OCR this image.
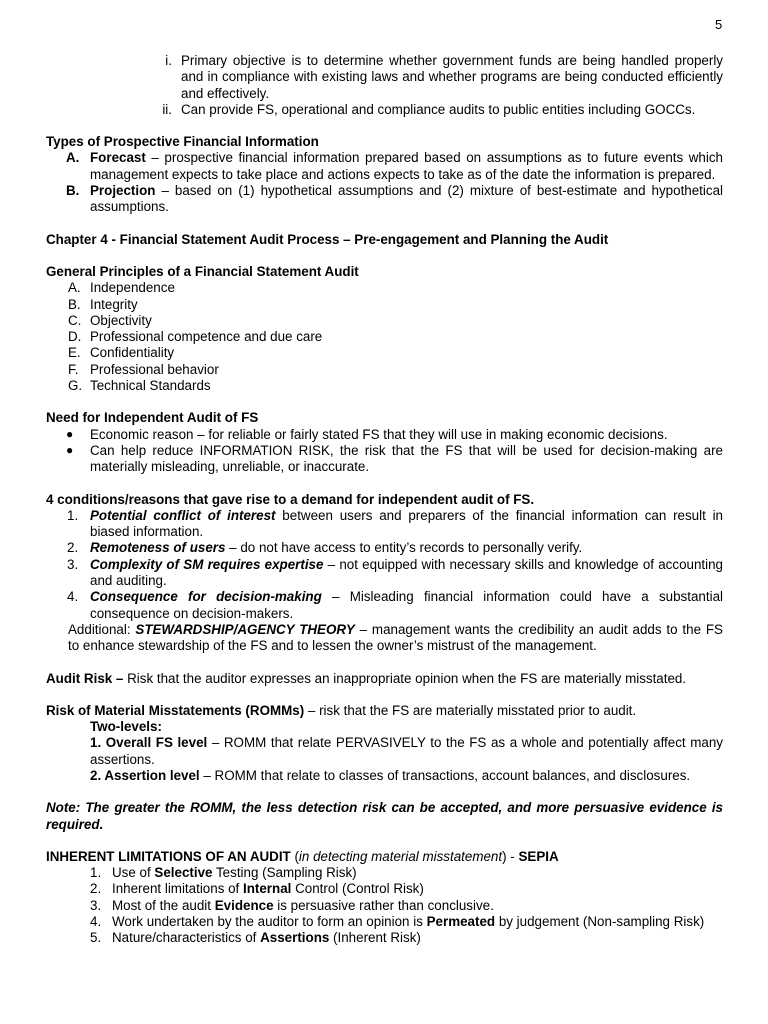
5
i. Primary objective is to determine whether government funds are being handled properly and in compliance with existing laws and whether programs are being conducted efficiently and effectively.
ii. Can provide FS, operational and compliance audits to public entities including GOCCs.
Types of Prospective Financial Information
A. Forecast – prospective financial information prepared based on assumptions as to future events which management expects to take place and actions expects to take as of the date the information is prepared.
B. Projection – based on (1) hypothetical assumptions and (2) mixture of best-estimate and hypothetical assumptions.
Chapter 4 - Financial Statement Audit Process – Pre-engagement and Planning the Audit
General Principles of a Financial Statement Audit
A. Independence
B. Integrity
C. Objectivity
D. Professional competence and due care
E. Confidentiality
F. Professional behavior
G. Technical Standards
Need for Independent Audit of FS
● Economic reason – for reliable or fairly stated FS that they will use in making economic decisions.
● Can help reduce INFORMATION RISK, the risk that the FS that will be used for decision-making are materially misleading, unreliable, or inaccurate.
4 conditions/reasons that gave rise to a demand for independent audit of FS.
1. Potential conflict of interest between users and preparers of the financial information can result in biased information.
2. Remoteness of users – do not have access to entity’s records to personally verify.
3. Complexity of SM requires expertise – not equipped with necessary skills and knowledge of accounting and auditing.
4. Consequence for decision-making – Misleading financial information could have a substantial consequence on decision-makers.
Additional: STEWARDSHIP/AGENCY THEORY – management wants the credibility an audit adds to the FS to enhance stewardship of the FS and to lessen the owner’s mistrust of the management.
Audit Risk – Risk that the auditor expresses an inappropriate opinion when the FS are materially misstated.
Risk of Material Misstatements (ROMMs) – risk that the FS are materially misstated prior to audit.
Two-levels:
1. Overall FS level – ROMM that relate PERVASIVELY to the FS as a whole and potentially affect many assertions.
2. Assertion level – ROMM that relate to classes of transactions, account balances, and disclosures.
Note: The greater the ROMM, the less detection risk can be accepted, and more persuasive evidence is required.
INHERENT LIMITATIONS OF AN AUDIT (in detecting material misstatement) - SEPIA
1. Use of Selective Testing (Sampling Risk)
2. Inherent limitations of Internal Control (Control Risk)
3. Most of the audit Evidence is persuasive rather than conclusive.
4. Work undertaken by the auditor to form an opinion is Permeated by judgement (Non-sampling Risk)
5. Nature/characteristics of Assertions (Inherent Risk)
